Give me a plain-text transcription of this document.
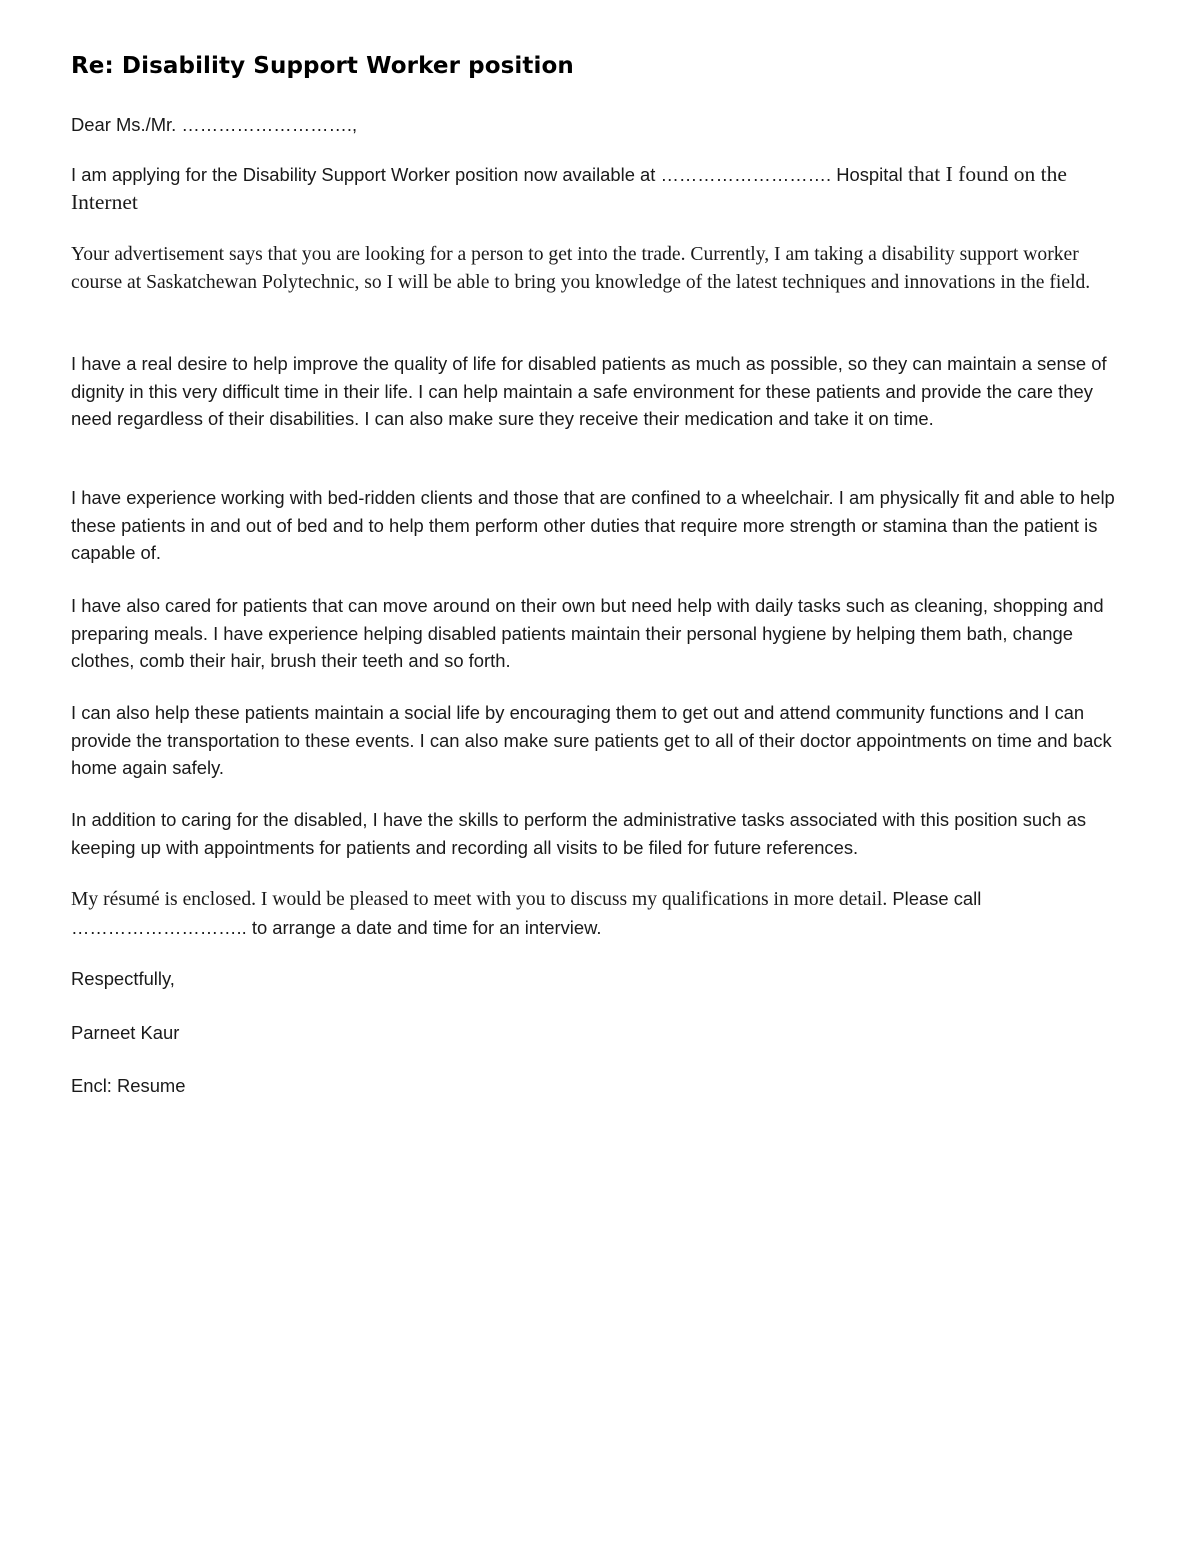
Re: Disability Support Worker position

Dear Ms./Mr. ……………………….,

I am applying for the Disability Support Worker position now available at ………………………. Hospital that I found on the Internet

Your advertisement says that you are looking for a person to get into the trade. Currently, I am taking a disability support worker course at Saskatchewan Polytechnic, so I will be able to bring you knowledge of the latest techniques and innovations in the field.

I have a real desire to help improve the quality of life for disabled patients as much as possible, so they can maintain a sense of dignity in this very difficult time in their life. I can help maintain a safe environment for these patients and provide the care they need regardless of their disabilities. I can also make sure they receive their medication and take it on time.

I have experience working with bed-ridden clients and those that are confined to a wheelchair. I am physically fit and able to help these patients in and out of bed and to help them perform other duties that require more strength or stamina than the patient is capable of.

I have also cared for patients that can move around on their own but need help with daily tasks such as cleaning, shopping and preparing meals. I have experience helping disabled patients maintain their personal hygiene by helping them bath, change clothes, comb their hair, brush their teeth and so forth.

I can also help these patients maintain a social life by encouraging them to get out and attend community functions and I can provide the transportation to these events. I can also make sure patients get to all of their doctor appointments on time and back home again safely.

In addition to caring for the disabled, I have the skills to perform the administrative tasks associated with this position such as keeping up with appointments for patients and recording all visits to be filed for future references.

My résumé is enclosed. I would be pleased to meet with you to discuss my qualifications in more detail. Please call ……………………….. to arrange a date and time for an interview.

Respectfully,

Parneet Kaur

Encl: Resume
